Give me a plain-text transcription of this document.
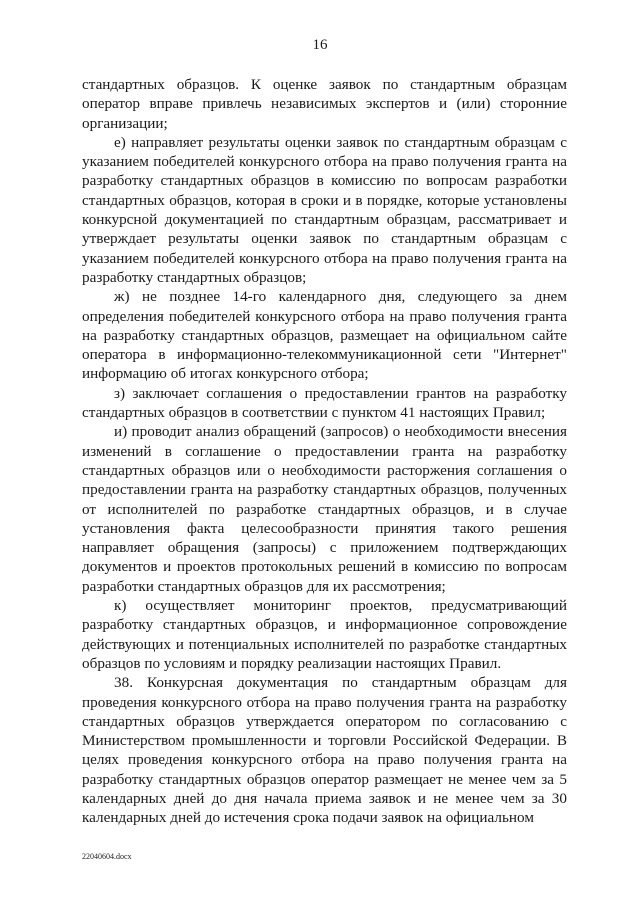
16

стандартных образцов. К оценке заявок по стандартным образцам оператор вправе привлечь независимых экспертов и (или) сторонние организации;

е) направляет результаты оценки заявок по стандартным образцам с указанием победителей конкурсного отбора на право получения гранта на разработку стандартных образцов в комиссию по вопросам разработки стандартных образцов, которая в сроки и в порядке, которые установлены конкурсной документацией по стандартным образцам, рассматривает и утверждает результаты оценки заявок по стандартным образцам с указанием победителей конкурсного отбора на право получения гранта на разработку стандартных образцов;

ж) не позднее 14-го календарного дня, следующего за днем определения победителей конкурсного отбора на право получения гранта на разработку стандартных образцов, размещает на официальном сайте оператора в информационно-телекоммуникационной сети "Интернет" информацию об итогах конкурсного отбора;

з) заключает соглашения о предоставлении грантов на разработку стандартных образцов в соответствии с пунктом 41 настоящих Правил;

и) проводит анализ обращений (запросов) о необходимости внесения изменений в соглашение о предоставлении гранта на разработку стандартных образцов или о необходимости расторжения соглашения о предоставлении гранта на разработку стандартных образцов, полученных от исполнителей по разработке стандартных образцов, и в случае установления факта целесообразности принятия такого решения направляет обращения (запросы) с приложением подтверждающих документов и проектов протокольных решений в комиссию по вопросам разработки стандартных образцов для их рассмотрения;

к) осуществляет мониторинг проектов, предусматривающий разработку стандартных образцов, и информационное сопровождение действующих и потенциальных исполнителей по разработке стандартных образцов по условиям и порядку реализации настоящих Правил.

38. Конкурсная документация по стандартным образцам для проведения конкурсного отбора на право получения гранта на разработку стандартных образцов утверждается оператором по согласованию с Министерством промышленности и торговли Российской Федерации. В целях проведения конкурсного отбора на право получения гранта на разработку стандартных образцов оператор размещает не менее чем за 5 календарных дней до дня начала приема заявок и не менее чем за 30 календарных дней до истечения срока подачи заявок на официальном

22040604.docx
